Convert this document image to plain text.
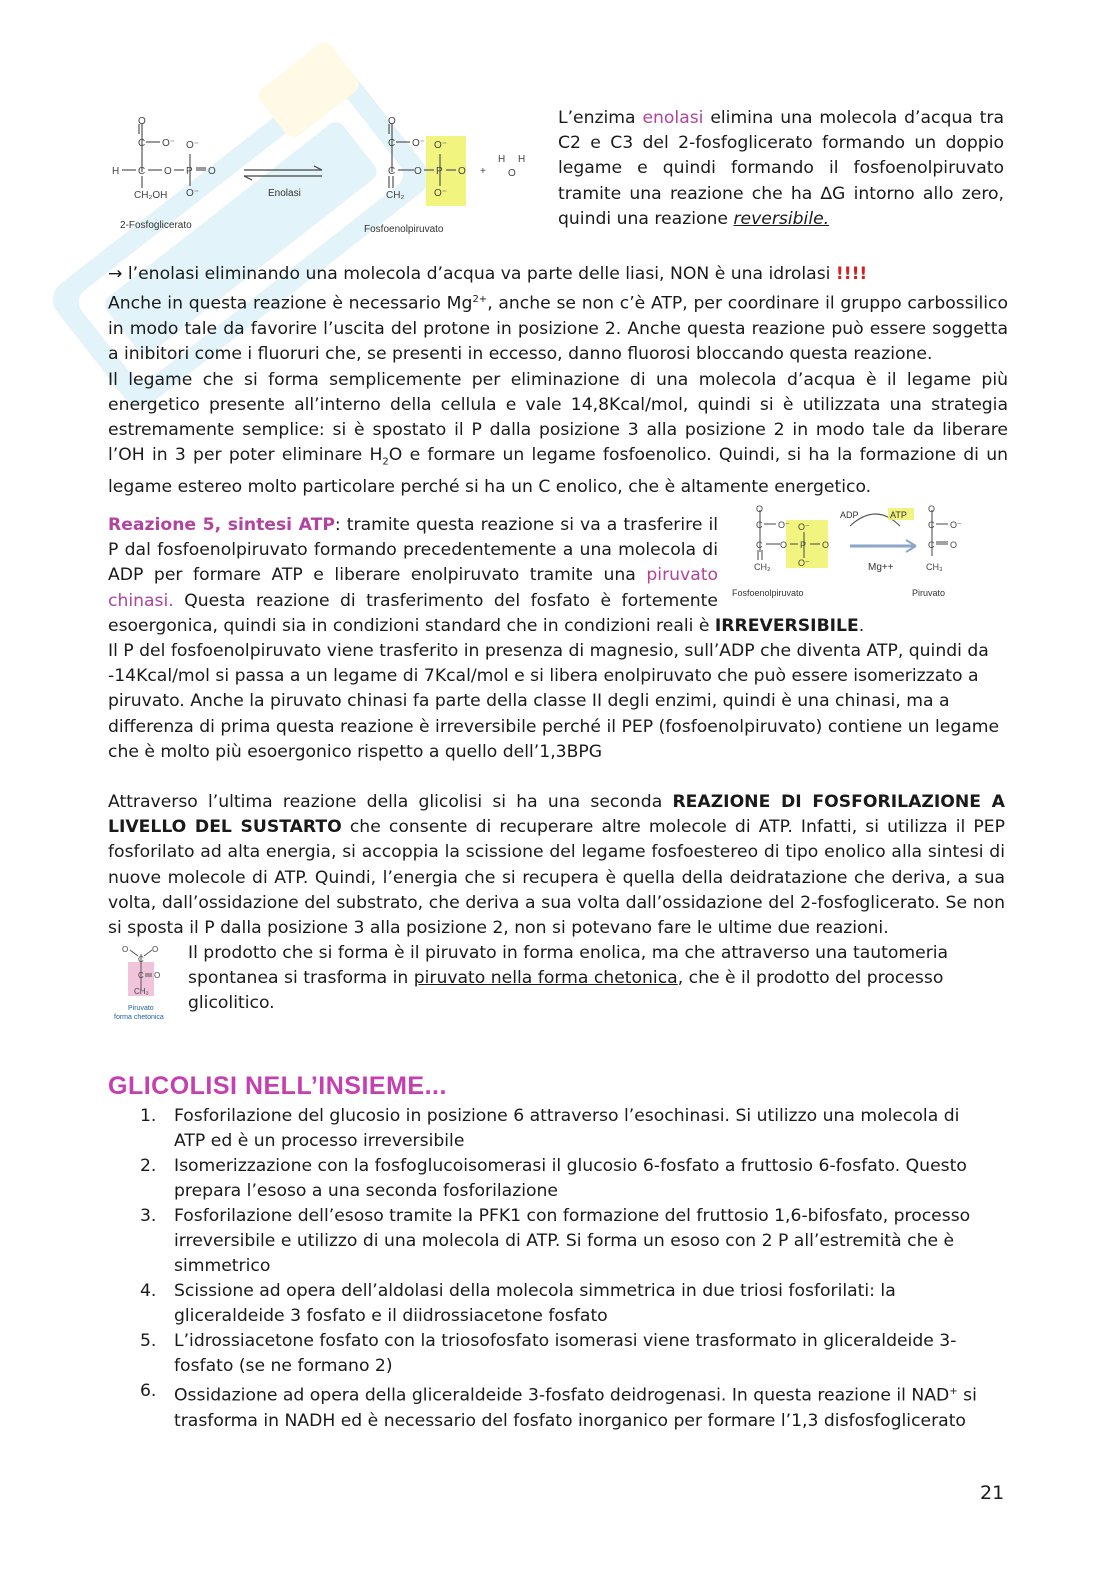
O
C O⁻ O⁻
H C O P O
CH₂OH O⁻
2-Fosfoglicerato
Enolasi
O
C O⁻ O⁻
C O P O
CH₂	O⁻
+
H H
O
Fosfoenolpiruvato
L’enzima enolasi elimina una molecola d’acqua tra C2 e C3 del 2-fosfoglicerato formando un doppio legame e quindi formando il fosfoenolpiruvato tramite una reazione che ha ∆G intorno allo zero, quindi una reazione reversibile.
→ l’enolasi eliminando una molecola d’acqua va parte delle liasi, NON è una idrolasi !!!!
Anche in questa reazione è necessario $Mg^{2+}$, anche se non c’è ATP, per coordinare il gruppo carbossilico in modo tale da favorire l’uscita del protone in posizione 2. Anche questa reazione può essere soggetta a inibitori come i fluoruri che, se presenti in eccesso, danno fluorosi bloccando questa reazione.
Il legame che si forma semplicemente per eliminazione di una molecola d’acqua è il legame più energetico presente all’interno della cellula e vale 14,8Kcal/mol, quindi si è utilizzata una strategia estremamente semplice: si è spostato il P dalla posizione 3 alla posizione 2 in modo tale da liberare l’OH in 3 per poter eliminare $H_2O$ e formare un legame fosfoenolico. Quindi, si ha la formazione di un legame estereo molto particolare perché si ha un C enolico, che è altamente energetico.
O
C O⁻
C O P O
O⁻
O⁻
CH₂
O
C O⁻
C O
CH₃
ADP	ATP
Mg++
Fosfoenolpiruvato	Piruvato
Reazione 5, sintesi ATP: tramite questa reazione si va a trasferire il P dal fosfoenolpiruvato formando precedentemente a una molecola di ADP per formare ATP e liberare enolpiruvato tramite una piruvato chinasi. Questa reazione di trasferimento del fosfato è fortemente esoergonica, quindi sia in condizioni standard che in condizioni reali è IRREVERSIBILE.
Il P del fosfoenolpiruvato viene trasferito in presenza di magnesio, sull’ADP che diventa ATP, quindi da -14Kcal/mol si passa a un legame di 7Kcal/mol e si libera enolpiruvato che può essere isomerizzato a piruvato. Anche la piruvato chinasi fa parte della classe II degli enzimi, quindi è una chinasi, ma a differenza di prima questa reazione è irreversibile perché il PEP (fosfoenolpiruvato) contiene un legame che è molto più esoergonico rispetto a quello dell’1,3BPG
Attraverso l’ultima reazione della glicolisi si ha una seconda REAZIONE DI FOSFORILAZIONE A LIVELLO DEL SUSTARTO che consente di recuperare altre molecole di ATP. Infatti, si utilizza il PEP fosforilato ad alta energia, si accoppia la scissione del legame fosfoestereo di tipo enolico alla sintesi di nuove molecole di ATP. Quindi, l’energia che si recupera è quella della deidratazione che deriva, a sua volta, dall’ossidazione del substrato, che deriva a sua volta dall’ossidazione del 2-fosfoglicerato. Se non si sposta il P dalla posizione 3 alla posizione 2, non si potevano fare le ultime due reazioni.
O	O
C
C O
CH₃
Piruvato
forma chetonica
Il prodotto che si forma è il piruvato in forma enolica, ma che attraverso una tautomeria spontanea si trasforma in piruvato nella forma chetonica, che è il prodotto del processo glicolitico.
GLICOLISI NELL’INSIEME...
1. Fosforilazione del glucosio in posizione 6 attraverso l’esochinasi. Si utilizzo una molecola di ATP ed è un processo irreversibile
2. Isomerizzazione con la fosfoglucoisomerasi il glucosio 6-fosfato a fruttosio 6-fosfato. Questo prepara l’esoso a una seconda fosforilazione
3. Fosforilazione dell’esoso tramite la PFK1 con formazione del fruttosio 1,6-bifosfato, processo irreversibile e utilizzo di una molecola di ATP. Si forma un esoso con 2 P all’estremità che è simmetrico
4. Scissione ad opera dell’aldolasi della molecola simmetrica in due triosi fosforilati: la gliceraldeide 3 fosfato e il diidrossiacetone fosfato
5. L’idrossiacetone fosfato con la triosofosfato isomerasi viene trasformato in gliceraldeide 3-fosfato (se ne formano 2)
6. Ossidazione ad opera della gliceraldeide 3-fosfato deidrogenasi. In questa reazione il NAD+ si trasforma in NADH ed è necessario del fosfato inorganico per formare l’1,3 disfosfoglicerato
21
